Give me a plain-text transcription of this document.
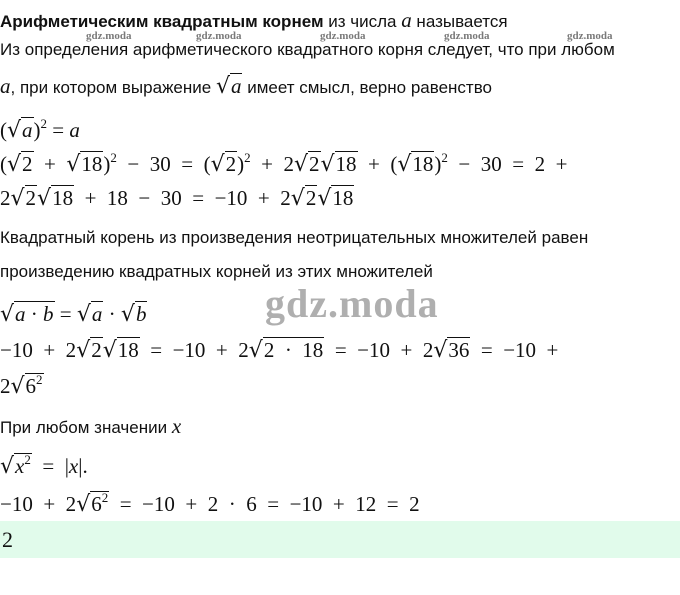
gdz.moda	gdz.moda	gdz.moda	gdz.moda	gdz.moda
gdz.moda
Арифметическим квадратным корнем из числа a называется
Из определения арифметического квадратного корня следует, что при любом
a, при котором выражение √a имеет смысл, верно равенство
$(√a)^2 = a$
$(√2 + √18)^2 - 30 = (√2)^2 + 2√2√18 + (√18)^2 - 30 = 2$  +
2√2√18  +  18  −  30  =  −10  +  2√2√18
Квадратный корень из произведения неотрицательных множителей равен
произведению квадратных корней из этих множителей
√a · b = √a · √b
−10  +  2√2√18  =  −10  +  2√2  ·  18  =  −10  +  2√36  =  −10  +
$2√6^2$
При любом значении x
$√x^2 = |x|$.
$-10 + 2√6^2 = -10 + 2 \cdot 6 = -10 + 12 = 2$
2
